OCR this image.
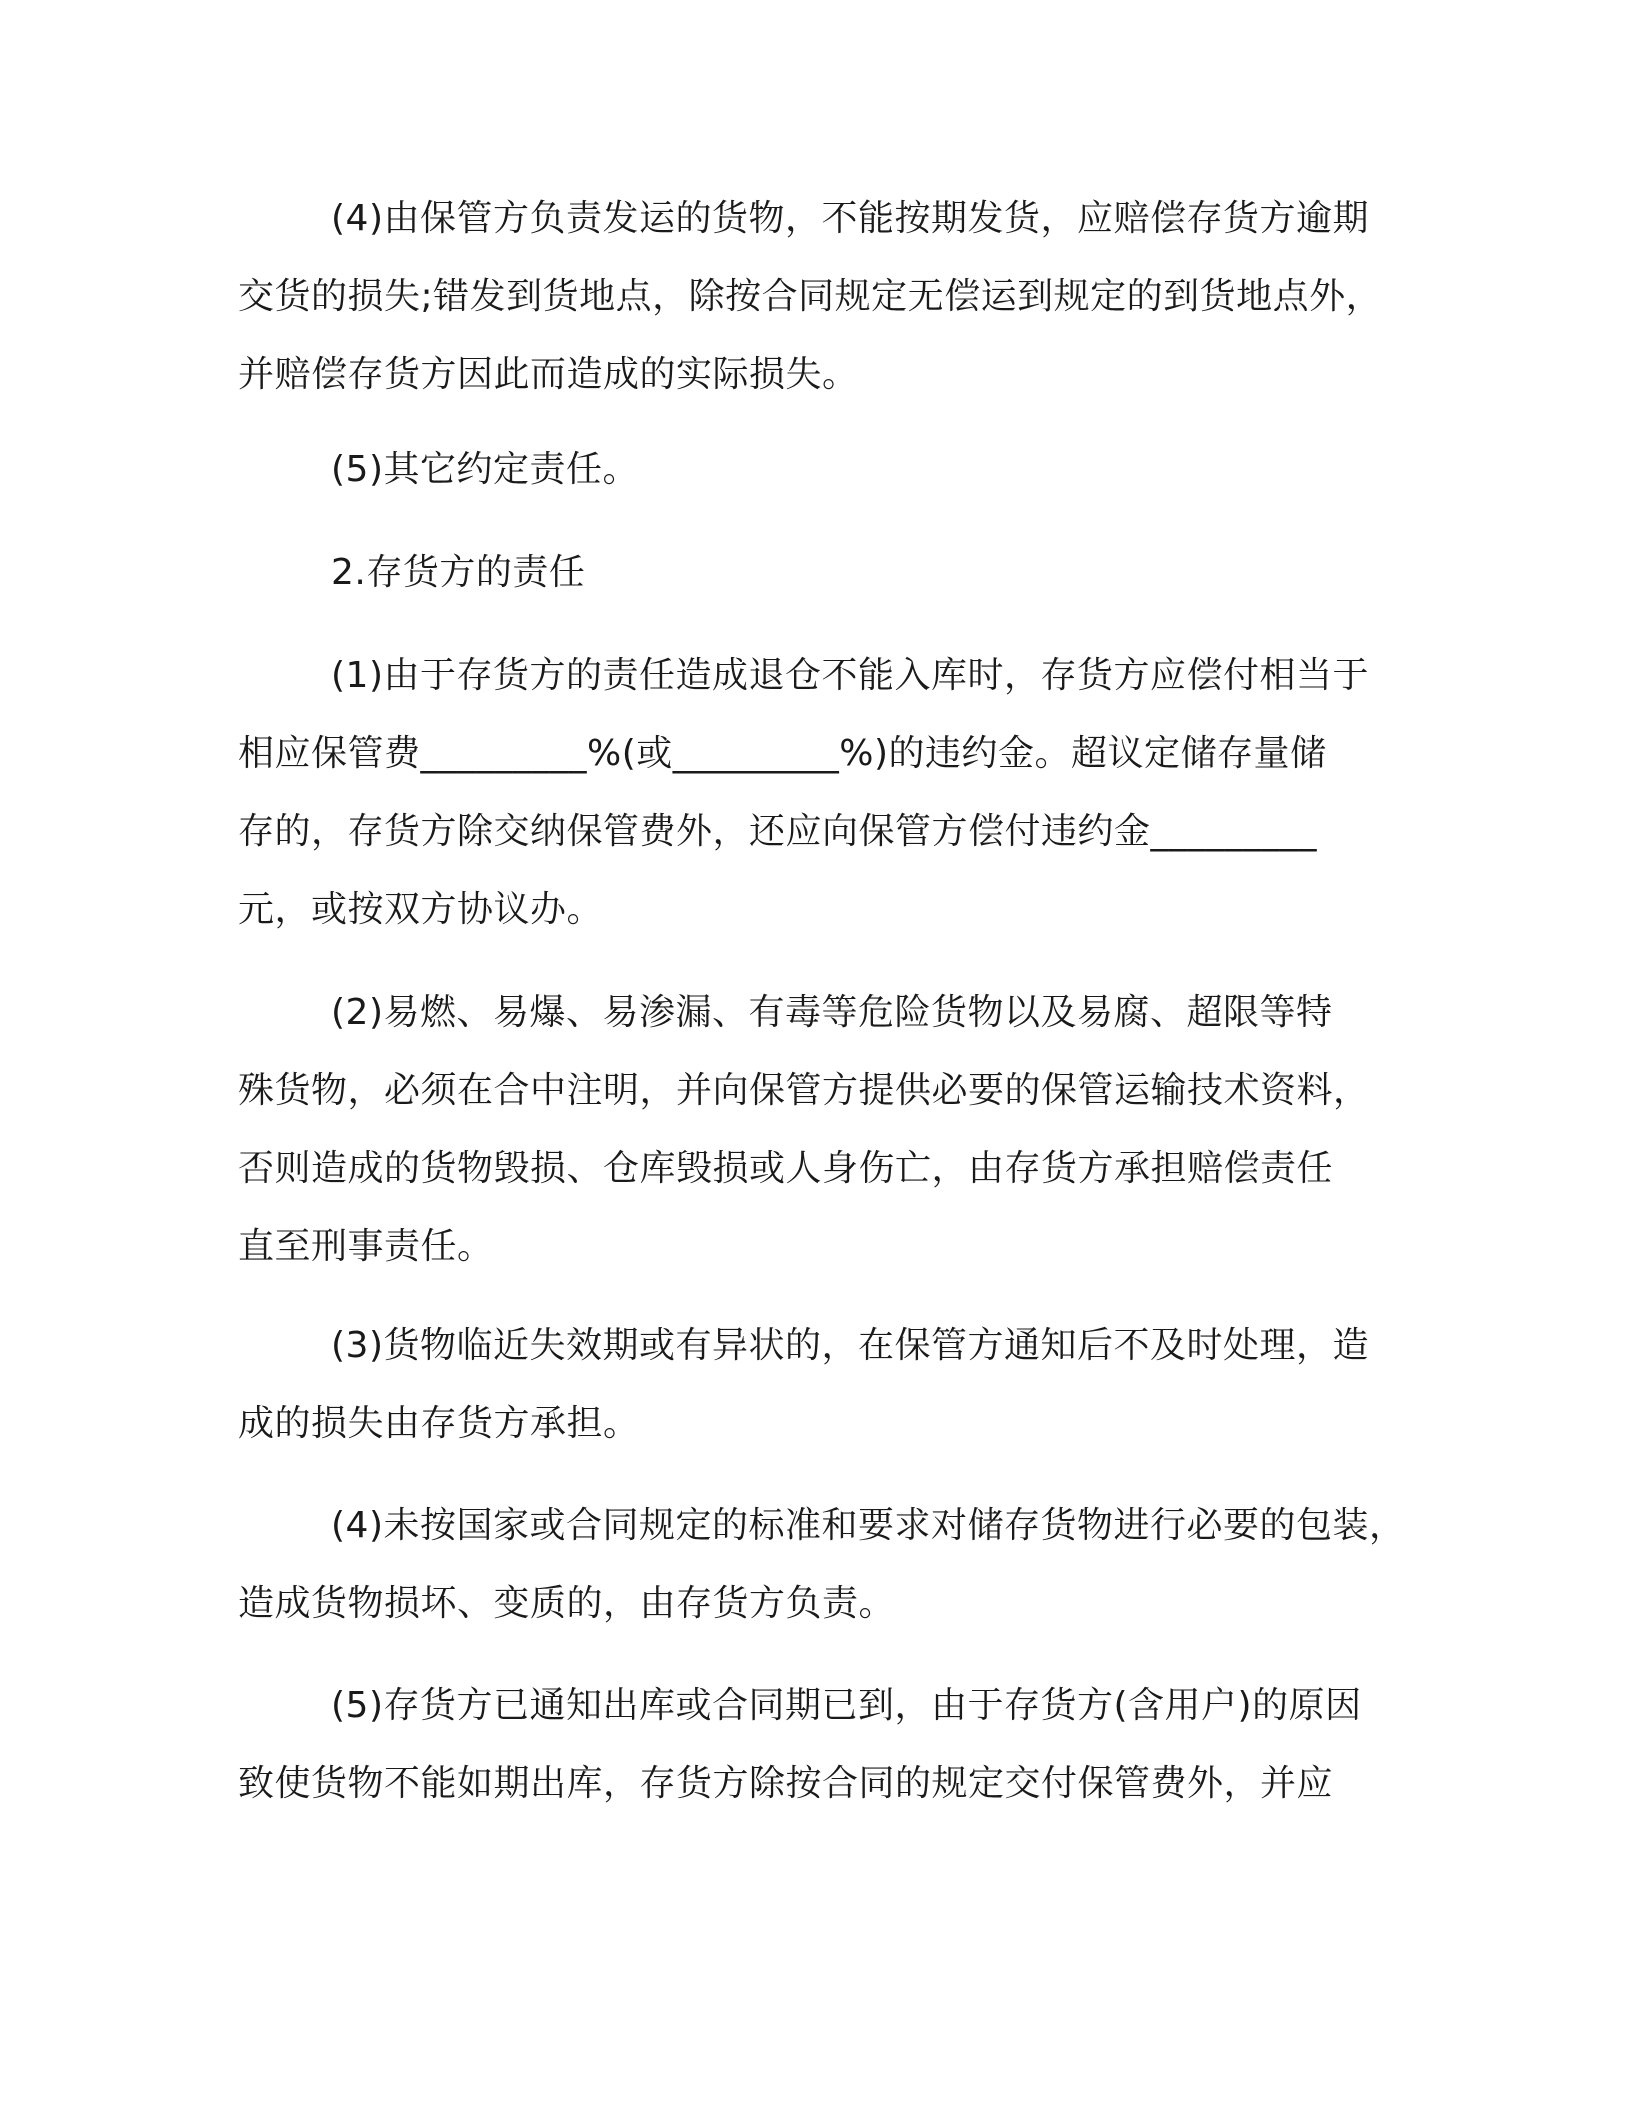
(4)由保管方负责发运的货物，不能按期发货，应赔偿存货方逾期
交货的损失;错发到货地点，除按合同规定无偿运到规定的到货地点外，
并赔偿存货方因此而造成的实际损失。
(5)其它约定责任。
2.存货方的责任
(1)由于存货方的责任造成退仓不能入库时，存货方应偿付相当于
相应保管费_________%(或_________%)的违约金。超议定储存量储
存的，存货方除交纳保管费外，还应向保管方偿付违约金_________
元，或按双方协议办。
(2)易燃、易爆、易渗漏、有毒等危险货物以及易腐、超限等特
殊货物，必须在合中注明，并向保管方提供必要的保管运输技术资料，
否则造成的货物毁损、仓库毁损或人身伤亡，由存货方承担赔偿责任
直至刑事责任。
(3)货物临近失效期或有异状的，在保管方通知后不及时处理，造
成的损失由存货方承担。
(4)未按国家或合同规定的标准和要求对储存货物进行必要的包装，
造成货物损坏、变质的，由存货方负责。
(5)存货方已通知出库或合同期已到，由于存货方(含用户)的原因
致使货物不能如期出库，存货方除按合同的规定交付保管费外，并应
